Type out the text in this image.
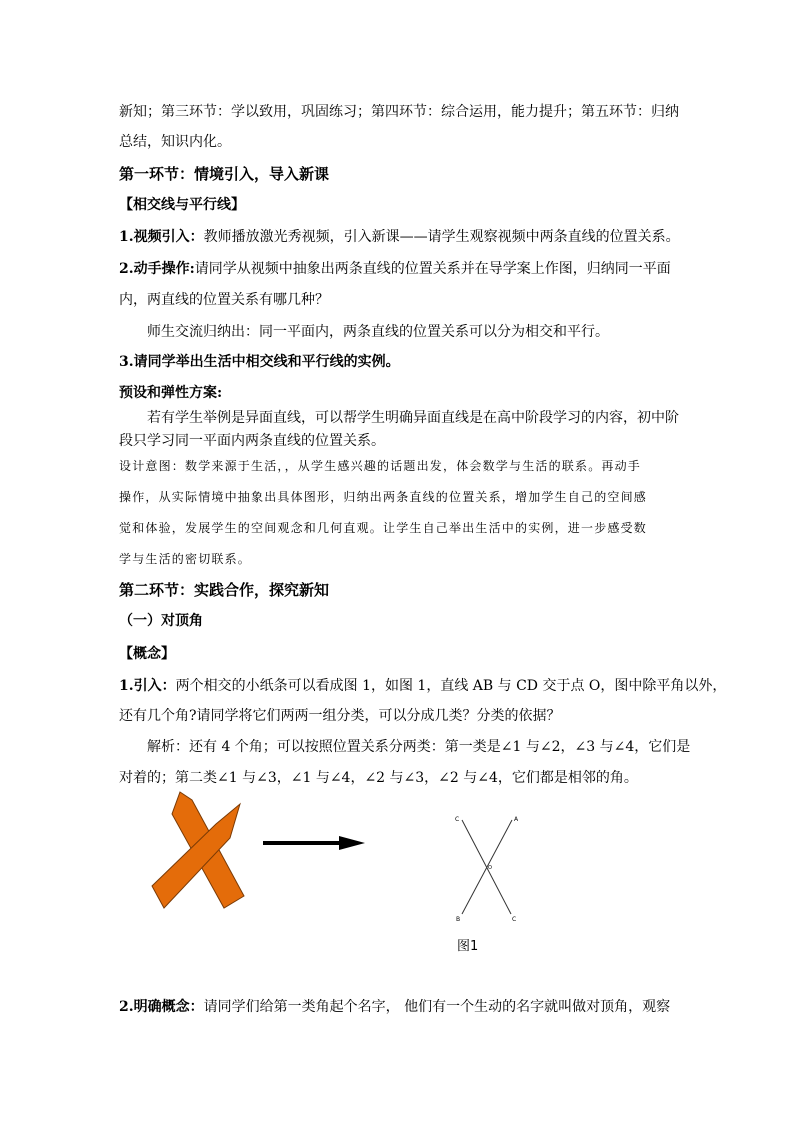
新知；第三环节：学以致用，巩固练习；第四环节：综合运用，能力提升；第五环节：归纳
总结，知识内化。
第一环节：情境引入，导入新课
【相交线与平行线】
1.视频引入：教师播放激光秀视频，引入新课——请学生观察视频中两条直线的位置关系。
2.动手操作:请同学从视频中抽象出两条直线的位置关系并在导学案上作图，归纳同一平面
内，两直线的位置关系有哪几种？
师生交流归纳出：同一平面内，两条直线的位置关系可以分为相交和平行。
3.请同学举出生活中相交线和平行线的实例。
预设和弹性方案:
若有学生举例是异面直线，可以帮学生明确异面直线是在高中阶段学习的内容，初中阶
段只学习同一平面内两条直线的位置关系。
设计意图：数学来源于生活，，从学生感兴趣的话题出发，体会数学与生活的联系。再动手
操作，从实际情境中抽象出具体图形，归纳出两条直线的位置关系，增加学生自己的空间感
觉和体验，发展学生的空间观念和几何直观。让学生自己举出生活中的实例，进一步感受数
学与生活的密切联系。
第二环节：实践合作，探究新知
（一）对顶角
【概念】
1.引入：两个相交的小纸条可以看成图 1，如图 1，直线 AB 与 CD 交于点 O，图中除平角以外，
还有几个角?请同学将它们两两一组分类，可以分成几类？分类的依据？
解析：还有 4 个角；可以按照位置关系分两类：第一类是∠1 与∠2，∠3 与∠4，它们是
对着的；第二类∠1 与∠3，∠1 与∠4，∠2 与∠3，∠2 与∠4，它们都是相邻的角。
C	A
B	C
O
图1
2.明确概念：请同学们给第一类角起个名字， 他们有一个生动的名字就叫做对顶角，观察
